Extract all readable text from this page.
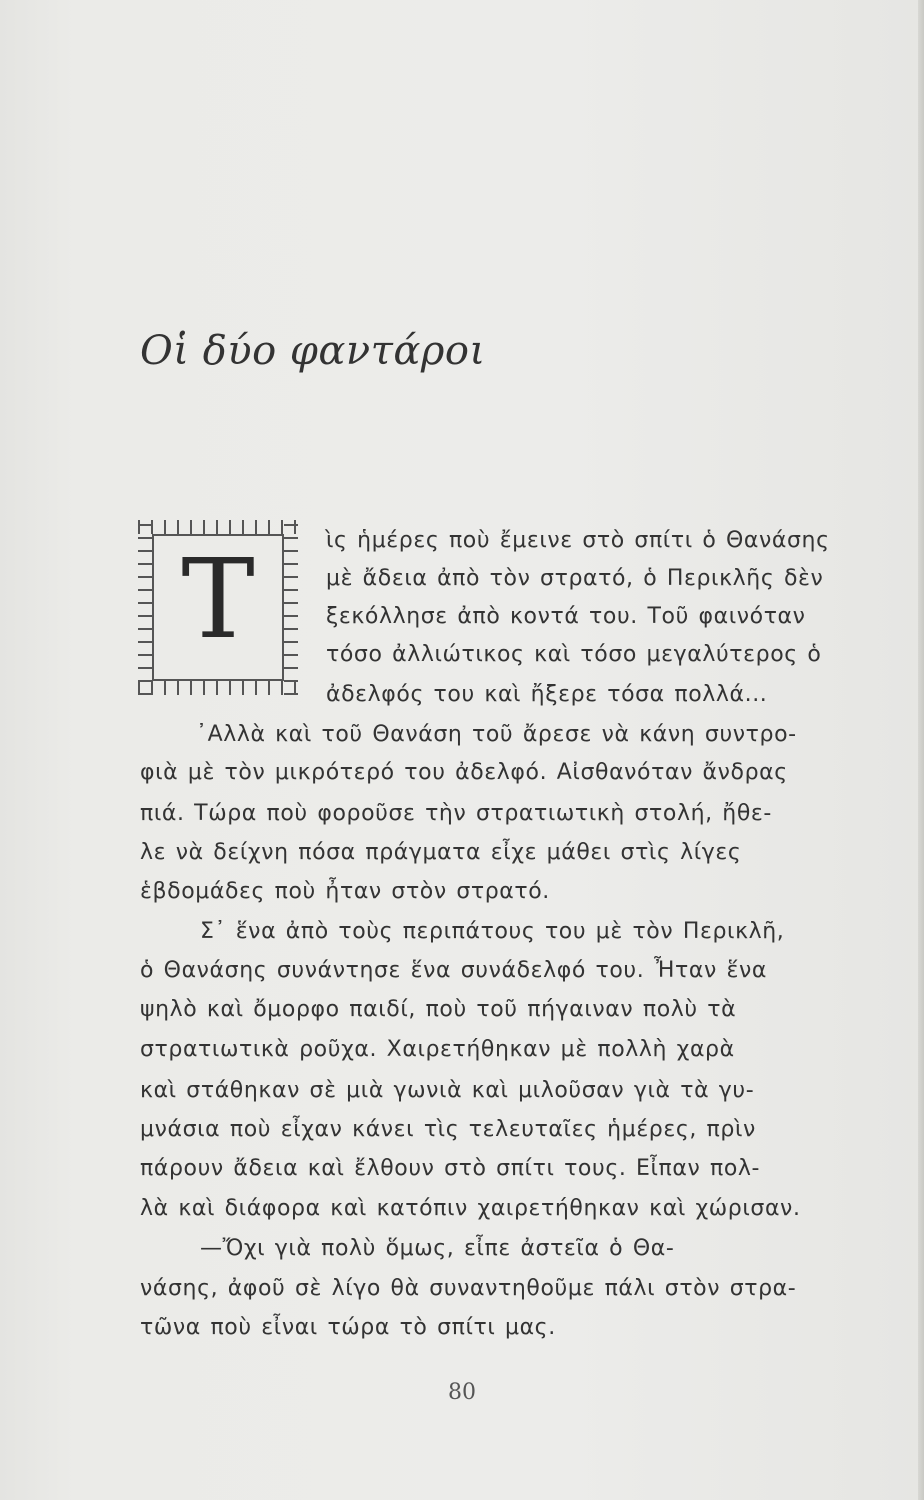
Οἱ δύο φαντάροι
Τ	ὶς ἡμέρες ποὺ ἔμεινε στὸ σπίτι ὁ Θανάσης
μὲ ἄδεια ἀπὸ τὸν στρατό, ὁ Περικλῆς δὲν
ξεκόλλησε ἀπὸ κοντά του. Τοῦ φαινόταν
τόσο ἀλλιώτικος καὶ τόσο μεγαλύτερος ὁ
ἀδελφός του καὶ ἤξερε τόσα πολλά...
᾿Αλλὰ καὶ τοῦ Θανάση τοῦ ἄρεσε νὰ κάνη συντρο-
φιὰ μὲ τὸν μικρότερό του ἀδελφό. Αἰσθανόταν ἄνδρας
πιά. Τώρα ποὺ φοροῦσε τὴν στρατιωτικὴ στολή, ἤθε-
λε νὰ δείχνη πόσα πράγματα εἶχε μάθει στὶς λίγες
ἑβδομάδες ποὺ ἦταν στὸν στρατό.
Σ᾿ ἕνα ἀπὸ τοὺς περιπάτους του μὲ τὸν Περικλῆ,
ὁ Θανάσης συνάντησε ἕνα συνάδελφό του. Ἦταν ἕνα
ψηλὸ καὶ ὄμορφο παιδί, ποὺ τοῦ πήγαιναν πολὺ τὰ
στρατιωτικὰ ροῦχα. Χαιρετήθηκαν μὲ πολλὴ χαρὰ
καὶ στάθηκαν σὲ μιὰ γωνιὰ καὶ μιλοῦσαν γιὰ τὰ γυ-
μνάσια ποὺ εἶχαν κάνει τὶς τελευταῖες ἡμέρες, πρὶν
πάρουν ἄδεια καὶ ἔλθουν στὸ σπίτι τους. Εἶπαν πολ-
λὰ καὶ διάφορα καὶ κατόπιν χαιρετήθηκαν καὶ χώρισαν.
—Ὄχι γιὰ πολὺ ὅμως, εἶπε ἀστεῖα ὁ Θα-
νάσης, ἀφοῦ σὲ λίγο θὰ συναντηθοῦμε πάλι στὸν στρα-
τῶνα ποὺ εἶναι τώρα τὸ σπίτι μας.
80
